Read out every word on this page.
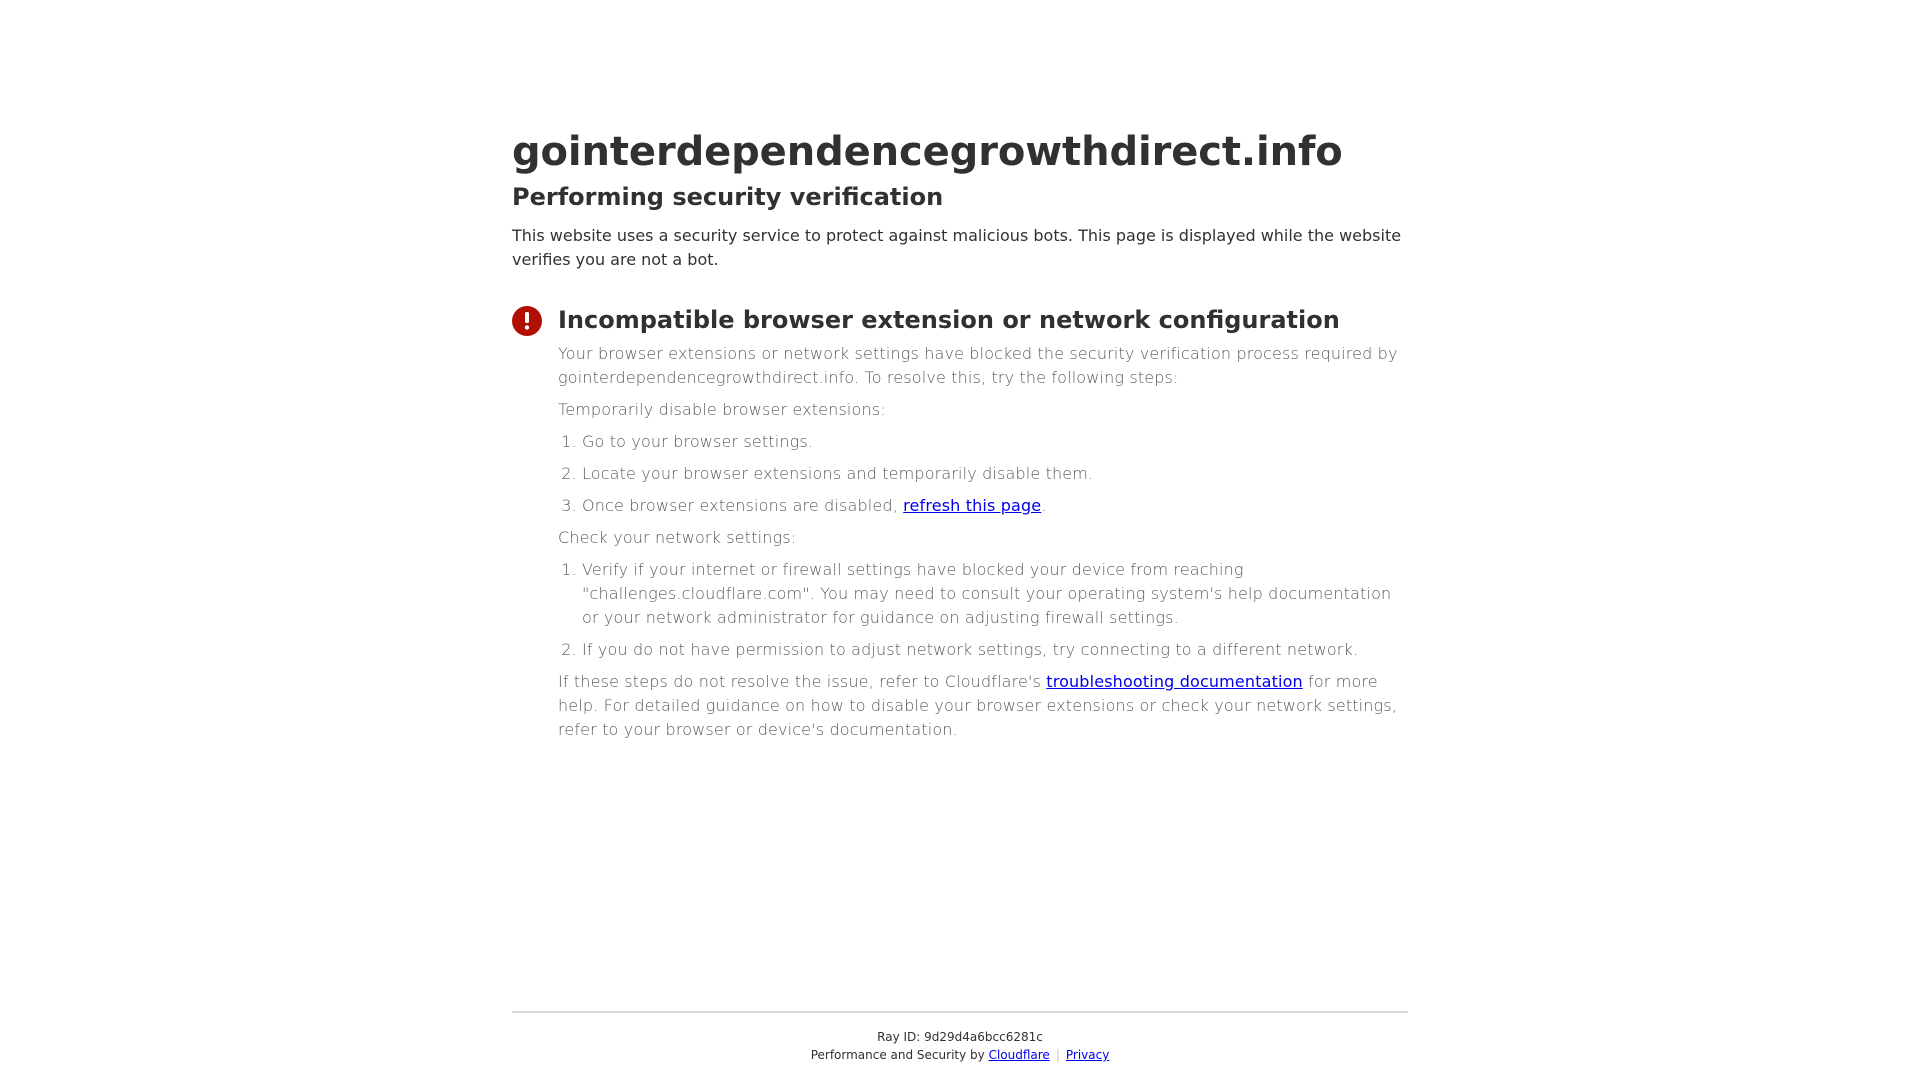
gointerdependencegrowthdirect.info
Performing security verification

This website uses a security service to protect against malicious bots. This page is displayed while the website verifies you are not a bot.

Incompatible browser extension or network configuration

Your browser extensions or network settings have blocked the security verification process required by gointerdependencegrowthdirect.info. To resolve this, try the following steps:

Temporarily disable browser extensions:

1. Go to your browser settings.
2. Locate your browser extensions and temporarily disable them.
3. Once browser extensions are disabled, refresh this page.

Check your network settings:

1. Verify if your internet or firewall settings have blocked your device from reaching "challenges.cloudflare.com". You may need to consult your operating system's help documentation or your network administrator for guidance on adjusting firewall settings.
2. If you do not have permission to adjust network settings, try connecting to a different network.

If these steps do not resolve the issue, refer to Cloudflare's troubleshooting documentation for more help. For detailed guidance on how to disable your browser extensions or check your network settings, refer to your browser or device's documentation.

Ray ID: 9d29d4a6bcc6281c
Performance and Security by Cloudflare | Privacy
